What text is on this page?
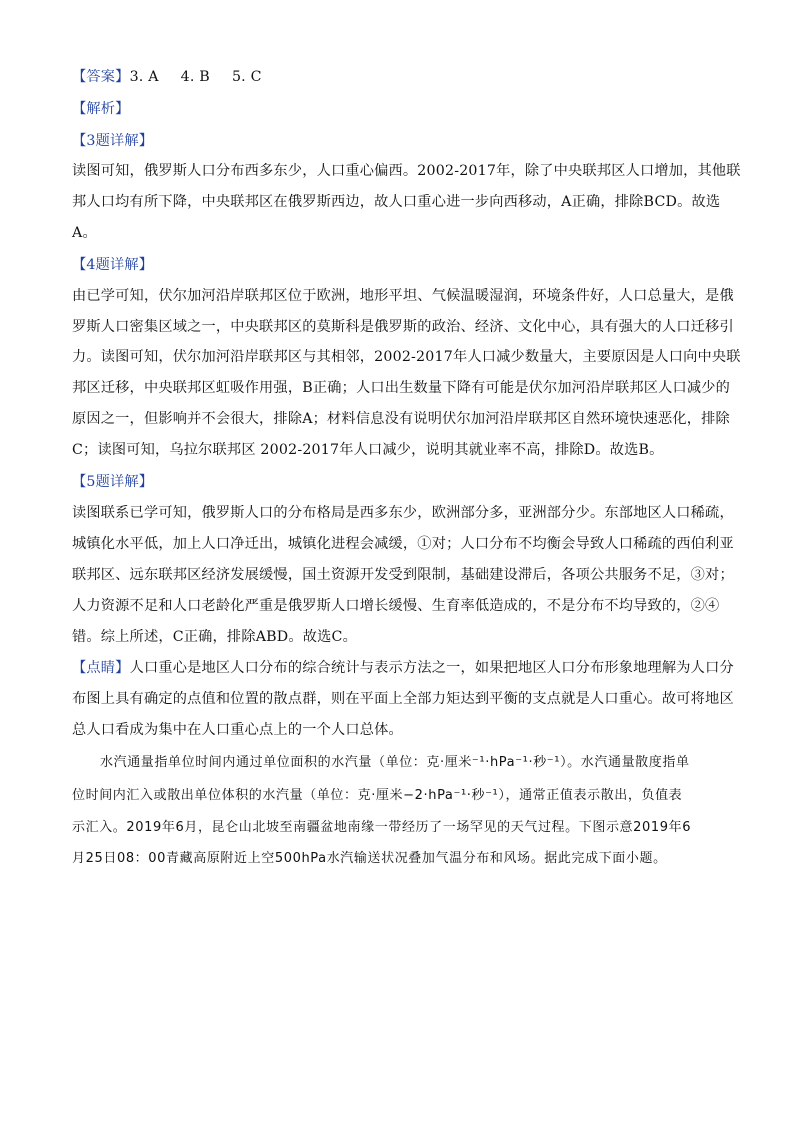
【答案】3. A 4. B 5. C
【解析】
【3题详解】
读图可知，俄罗斯人口分布西多东少，人口重心偏西。2002-2017年，除了中央联邦区人口增加，其他联
邦人口均有所下降，中央联邦区在俄罗斯西边，故人口重心进一步向西移动，A正确，排除BCD。故选
A。
【4题详解】
由已学可知，伏尔加河沿岸联邦区位于欧洲，地形平坦、气候温暖湿润，环境条件好，人口总量大，是俄
罗斯人口密集区域之一，中央联邦区的莫斯科是俄罗斯的政治、经济、文化中心，具有强大的人口迁移引
力。读图可知，伏尔加河沿岸联邦区与其相邻，2002-2017年人口减少数量大，主要原因是人口向中央联
邦区迁移，中央联邦区虹吸作用强，B正确；人口出生数量下降有可能是伏尔加河沿岸联邦区人口减少的
原因之一，但影响并不会很大，排除A；材料信息没有说明伏尔加河沿岸联邦区自然环境快速恶化，排除
C；读图可知，乌拉尔联邦区 2002-2017年人口减少，说明其就业率不高，排除D。故选B。
【5题详解】
读图联系已学可知，俄罗斯人口的分布格局是西多东少，欧洲部分多，亚洲部分少。东部地区人口稀疏，
城镇化水平低，加上人口净迁出，城镇化进程会减缓，①对；人口分布不均衡会导致人口稀疏的西伯利亚
联邦区、远东联邦区经济发展缓慢，国土资源开发受到限制，基础建设滞后，各项公共服务不足，③对；
人力资源不足和人口老龄化严重是俄罗斯人口增长缓慢、生育率低造成的，不是分布不均导致的，②④
错。综上所述，C正确，排除ABD。故选C。
【点睛】人口重心是地区人口分布的综合统计与表示方法之一，如果把地区人口分布形象地理解为人口分
布图上具有确定的点值和位置的散点群，则在平面上全部力矩达到平衡的支点就是人口重心。故可将地区
总人口看成为集中在人口重心点上的一个人口总体。
水汽通量指单位时间内通过单位面积的水汽量（单位：克·厘米⁻¹·hPa⁻¹·秒⁻¹）。水汽通量散度指单
位时间内汇入或散出单位体积的水汽量（单位：克·厘米−2·hPa⁻¹·秒⁻¹），通常正值表示散出，负值表
示汇入。2019年6月，昆仑山北坡至南疆盆地南缘一带经历了一场罕见的天气过程。下图示意2019年6
月25日08：00青藏高原附近上空500hPa水汽输送状况叠加气温分布和风场。据此完成下面小题。
